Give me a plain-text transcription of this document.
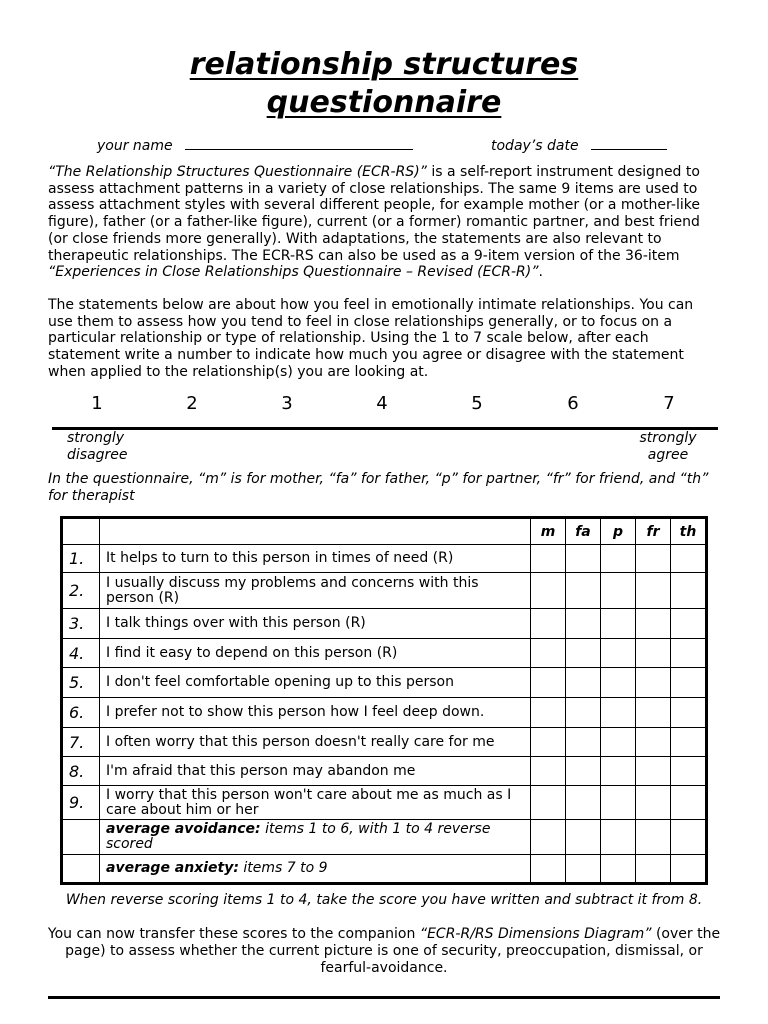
relationship structures
questionnaire
your name	today’s date
“The Relationship Structures Questionnaire (ECR-RS)” is a self-report instrument designed to assess attachment patterns in a variety of close relationships. The same 9 items are used to assess attachment styles with several different people, for example mother (or a mother-like figure), father (or a father-like figure), current (or a former) romantic partner, and best friend (or close friends more generally). With adaptations, the statements are also relevant to therapeutic relationships. The ECR-RS can also be used as a 9-item version of the 36-item “Experiences in Close Relationships Questionnaire – Revised (ECR-R)”.
The statements below are about how you feel in emotionally intimate relationships. You can use them to assess how you tend to feel in close relationships generally, or to focus on a particular relationship or type of relationship. Using the 1 to 7 scale below, after each statement write a number to indicate how much you agree or disagree with the statement when applied to the relationship(s) you are looking at.
1	2	3	4	5	6	7
strongly
disagree
strongly
agree
In the questionnaire, “m” is for mother, “fa” for father, “p” for partner, “fr” for friend, and “th” for therapist
		m	fa	p	fr	th
1.	It helps to turn to this person in times of need (R)					
2.	I usually discuss my problems and concerns with this person (R)					
3.	I talk things over with this person (R)					
4.	I find it easy to depend on this person (R)					
5.	I don't feel comfortable opening up to this person					
6.	I prefer not to show this person how I feel deep down.					
7.	I often worry that this person doesn't really care for me					
8.	I'm afraid that this person may abandon me					
9.	I worry that this person won't care about me as much as I care about him or her					
	average avoidance: items 1 to 6, with 1 to 4 reverse scored					
	average anxiety: items 7 to 9					
When reverse scoring items 1 to 4, take the score you have written and subtract it from 8.
You can now transfer these scores to the companion “ECR-R/RS Dimensions Diagram” (over the page) to assess whether the current picture is one of security, preoccupation, dismissal, or fearful-avoidance.
